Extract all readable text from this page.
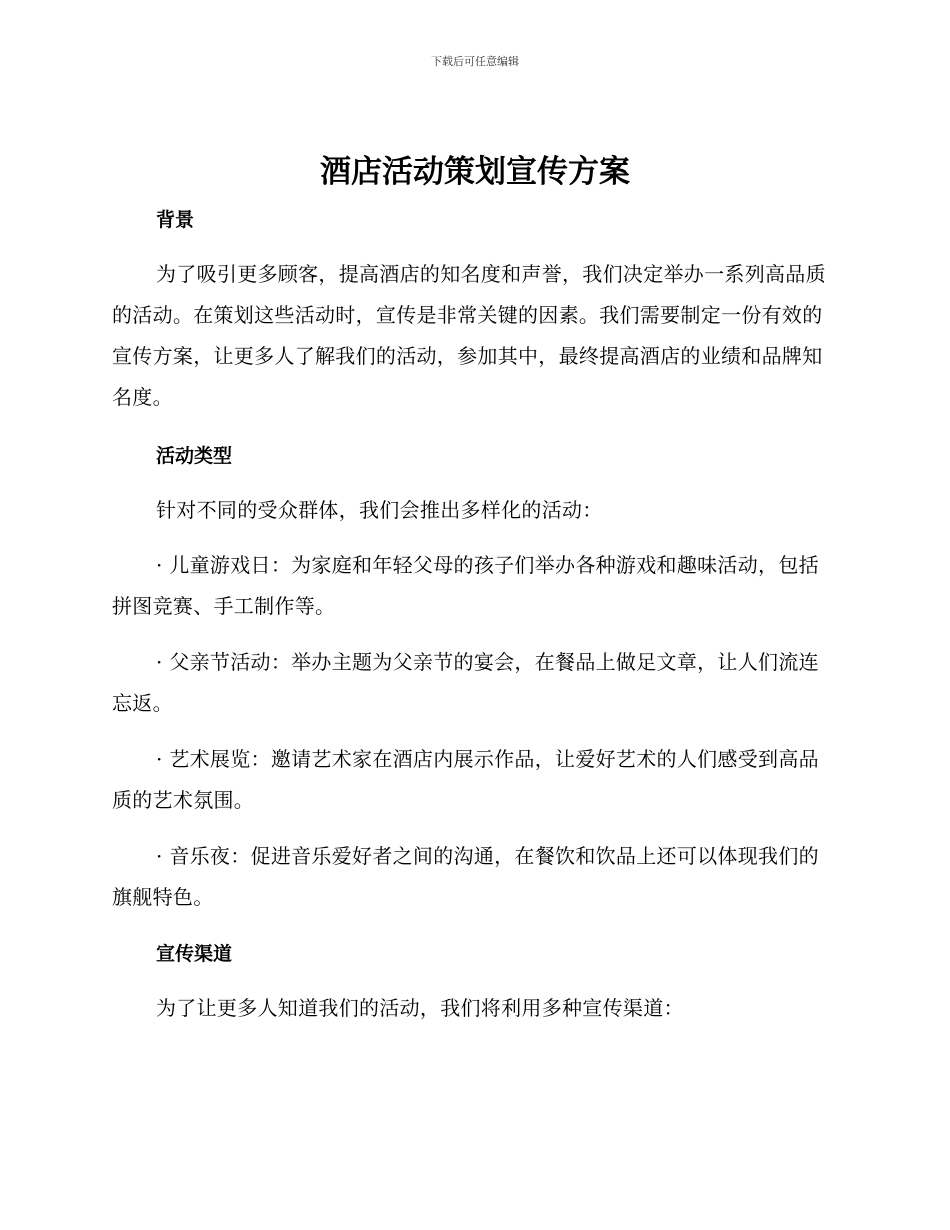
下载后可任意编辑
酒店活动策划宣传方案
背景

为了吸引更多顾客，提高酒店的知名度和声誉，我们决定举办一系列高品质的活动。在策划这些活动时，宣传是非常关键的因素。我们需要制定一份有效的宣传方案，让更多人了解我们的活动，参加其中，最终提高酒店的业绩和品牌知名度。

活动类型

针对不同的受众群体，我们会推出多样化的活动：

· 儿童游戏日：为家庭和年轻父母的孩子们举办各种游戏和趣味活动，包括拼图竞赛、手工制作等。

· 父亲节活动：举办主题为父亲节的宴会，在餐品上做足文章，让人们流连忘返。

· 艺术展览：邀请艺术家在酒店内展示作品，让爱好艺术的人们感受到高品质的艺术氛围。

· 音乐夜：促进音乐爱好者之间的沟通，在餐饮和饮品上还可以体现我们的旗舰特色。

宣传渠道

为了让更多人知道我们的活动，我们将利用多种宣传渠道：
